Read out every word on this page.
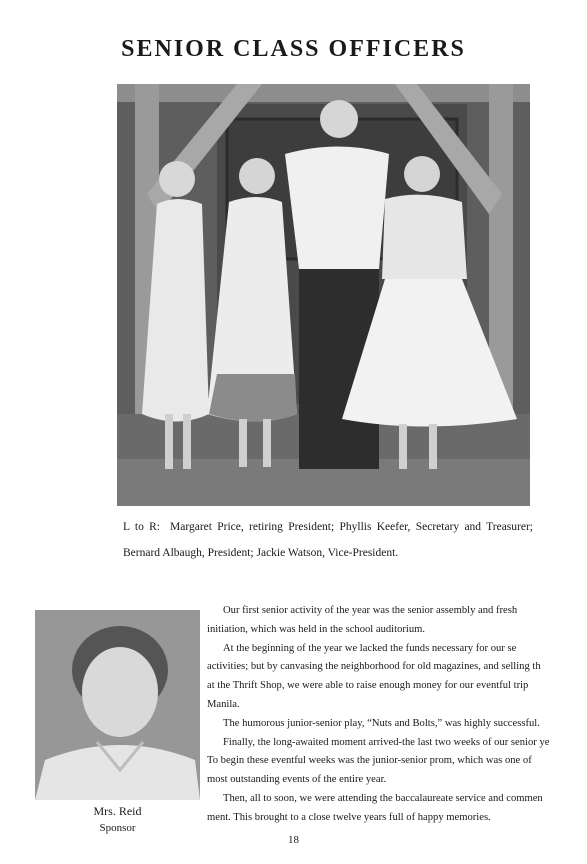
SENIOR CLASS OFFICERS
L to R: Margaret Price, retiring President; Phyllis Keefer, Secretary and Treasurer; Bernard Albaugh, President; Jackie Watson, Vice-President.
Mrs. Reid
Sponsor

Our first senior activity of the year was the senior assembly and fresh

initiation, which was held in the school auditorium.

At the beginning of the year we lacked the funds necessary for our se

activities; but by canvasing the neighborhood for old magazines, and selling th

at the Thrift Shop, we were able to raise enough money for our eventful trip

Manila.

The humorous junior-senior play, “Nuts and Bolts,” was highly successful.

Finally, the long-awaited moment arrived-the last two weeks of our senior ye

To begin these eventful weeks was the junior-senior prom, which was one of

most outstanding events of the entire year.

Then, all to soon, we were attending the baccalaureate service and commen

ment. This brought to a close twelve years full of happy memories.

18
